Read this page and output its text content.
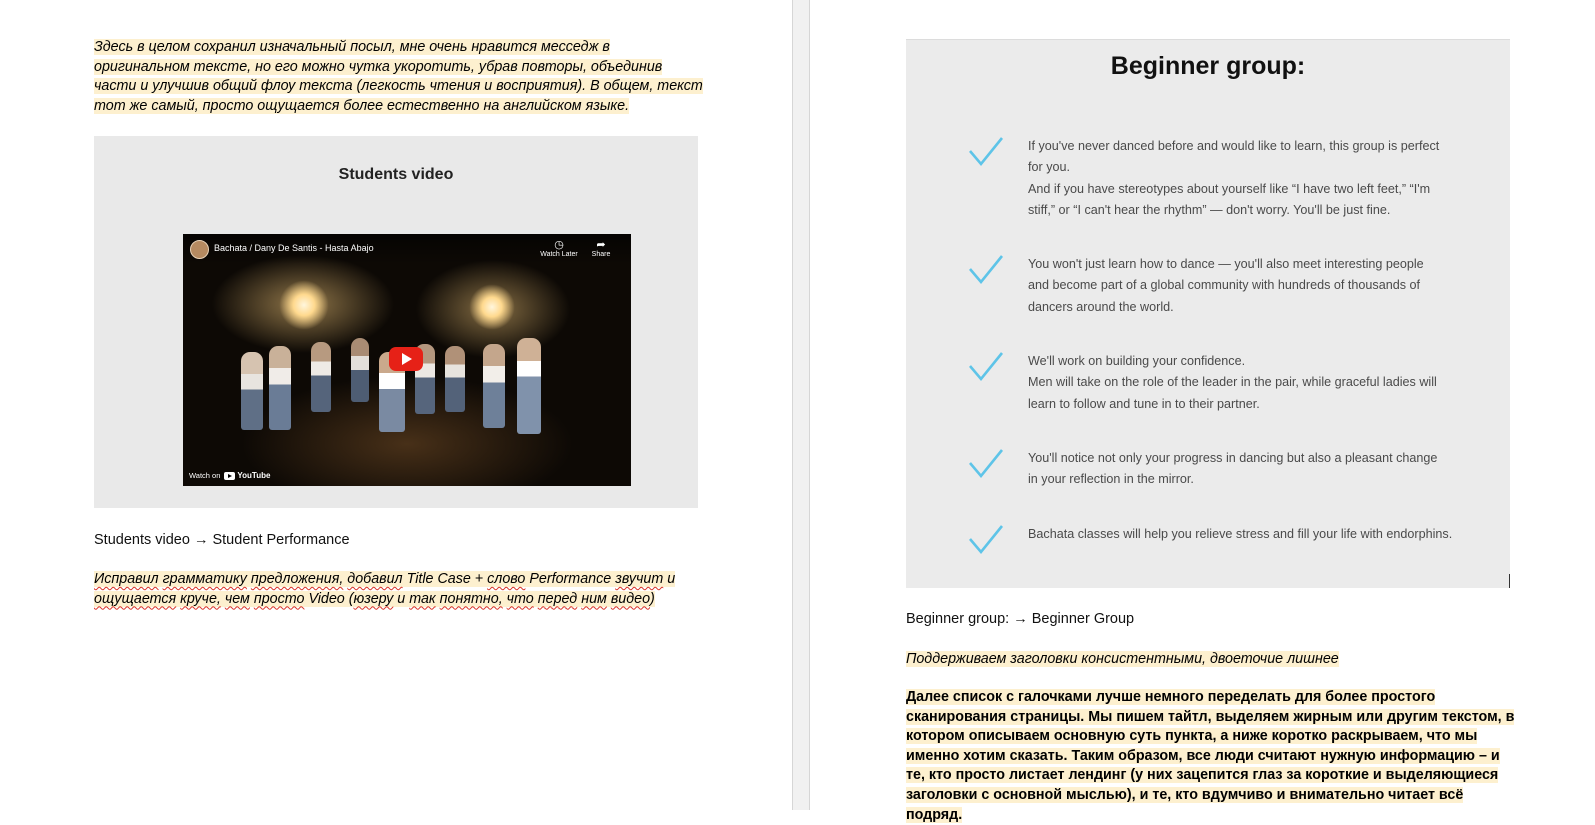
Здесь в целом сохранил изначальный посыл, мне очень нравится месседж в оригинальном тексте, но его можно чутка укоротить, убрав повторы, объединив части и улучшив общий флоу текста (легкость чтения и восприятия). В общем, текст тот же самый, просто ощущается более естественно на английском языке.
Students video
Bachata / Dany De Santis - Hasta Abajo	◷
Watch Later
➦
Share
Watch on YouTube
Students video → Student Performance
Исправил грамматику предложения, добавил Title Case + слово Performance звучит и ощущается круче, чем просто Video (юзеру и так понятно, что перед ним видео)
Beginner group:
If you've never danced before and would like to learn, this group is perfect for you.
And if you have stereotypes about yourself like “I have two left feet,” “I'm stiff,” or “I can't hear the rhythm” — don't worry. You'll be just fine.
You won't just learn how to dance — you'll also meet interesting people and become part of a global community with hundreds of thousands of dancers around the world.
We'll work on building your confidence.
Men will take on the role of the leader in the pair, while graceful ladies will learn to follow and tune in to their partner.
You'll notice not only your progress in dancing but also a pleasant change in your reflection in the mirror.
Bachata classes will help you relieve stress and fill your life with endorphins.
Beginner group: → Beginner Group
Поддерживаем заголовки консистентными, двоеточие лишнее
Далее список с галочками лучше немного переделать для более простого сканирования страницы. Мы пишем тайтл, выделяем жирным или другим текстом, в котором описываем основную суть пункта, а ниже коротко раскрываем, что мы именно хотим сказать. Таким образом, все люди считают нужную информацию – и те, кто просто листает лендинг (у них зацепится глаз за короткие и выделяющиеся заголовки с основной мыслью), и те, кто вдумчиво и внимательно читает всё подряд.
